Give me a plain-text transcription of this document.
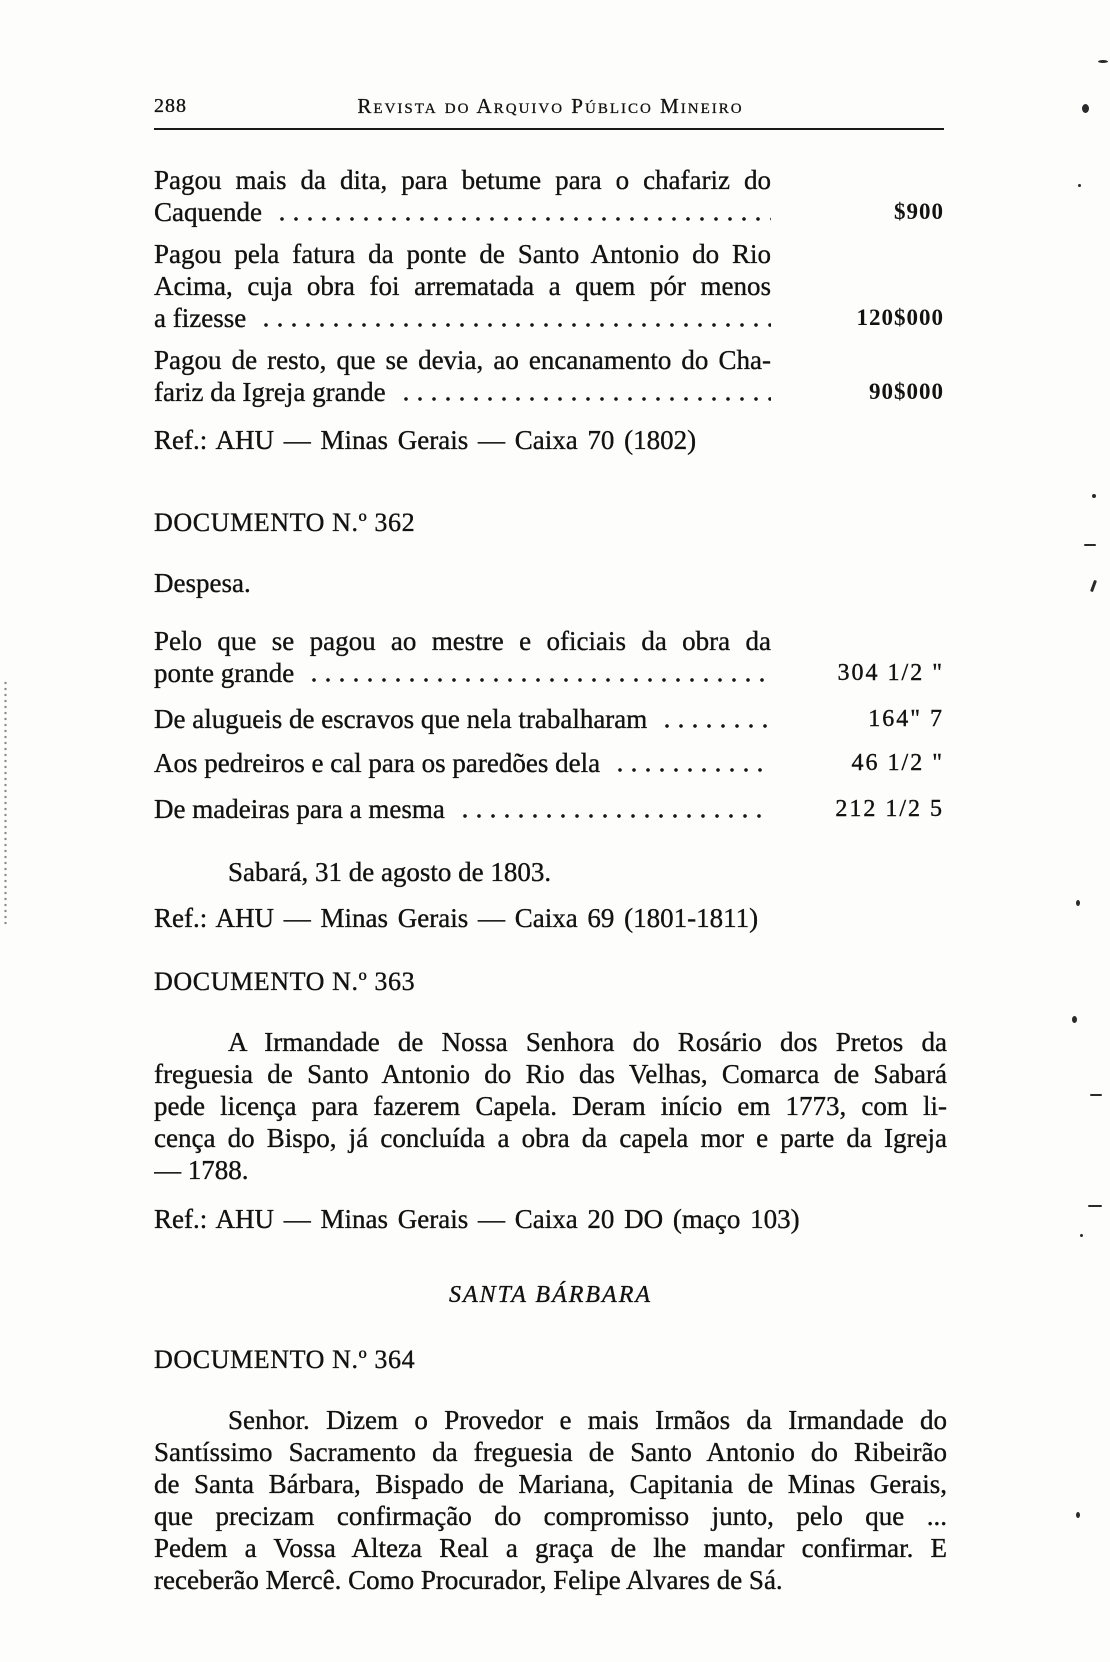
288	Revista do Arquivo Público Mineiro
Pagou mais da dita, para betume para o chafariz do
Caquende	$900
Pagou pela fatura da ponte de Santo Antonio do Rio
Acima, cuja obra foi arrematada a quem pór menos
a fizesse	120$000
Pagou de resto, que se devia, ao encanamento do Cha-
fariz da Igreja grande	90$000
Ref.: AHU — Minas Gerais — Caixa 70 (1802)
DOCUMENTO N.º 362
Despesa.
Pelo que se pagou ao mestre e oficiais da obra da
ponte grande	304 1/2 "
De alugueis de escravos que nela trabalharam	164" 7
Aos pedreiros e cal para os paredões dela	46 1/2 "
De madeiras para a mesma	212 1/2 5
Sabará, 31 de agosto de 1803.
Ref.: AHU — Minas Gerais — Caixa 69 (1801-1811)
DOCUMENTO N.º 363
A Irmandade de Nossa Senhora do Rosário dos Pretos da
freguesia de Santo Antonio do Rio das Velhas, Comarca de Sabará
pede licença para fazerem Capela. Deram início em 1773, com li-
cença do Bispo, já concluída a obra da capela mor e parte da Igreja
— 1788.
Ref.: AHU — Minas Gerais — Caixa 20 DO (maço 103)
SANTA BÁRBARA
DOCUMENTO N.º 364
Senhor. Dizem o Provedor e mais Irmãos da Irmandade do
Santíssimo Sacramento da freguesia de Santo Antonio do Ribeirão
de Santa Bárbara, Bispado de Mariana, Capitania de Minas Gerais,
que precizam confirmação do compromisso junto, pelo que ...
Pedem a Vossa Alteza Real a graça de lhe mandar confirmar. E
receberão Mercê. Como Procurador, Felipe Alvares de Sá.
